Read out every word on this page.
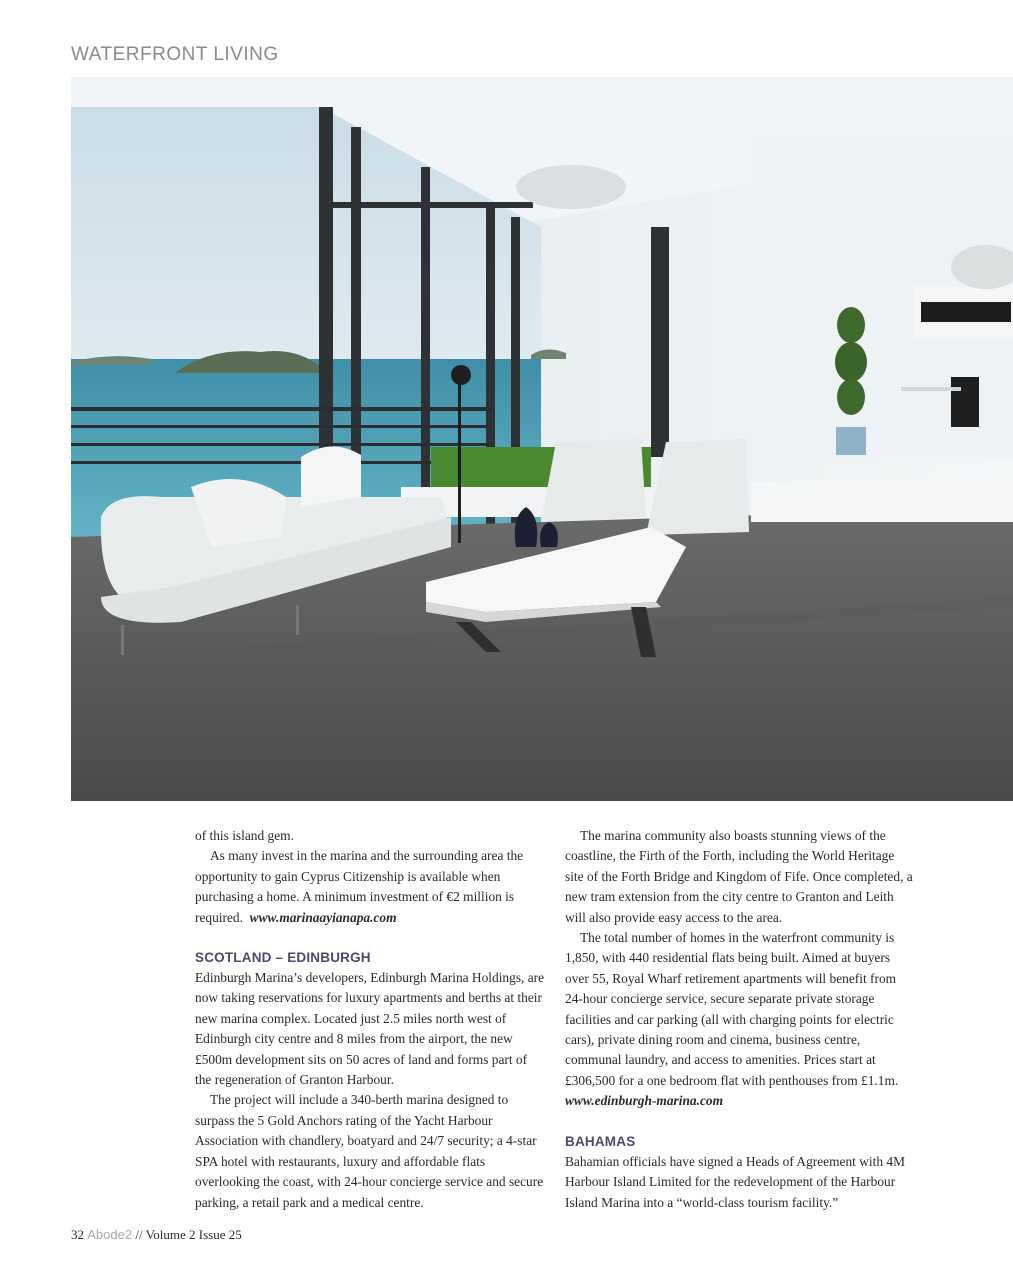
WATERFRONT LIVING

of this island gem.

As many invest in the marina and the surrounding area the opportunity to gain Cyprus Citizenship is available when purchasing a home. A minimum investment of €2 million is required. www.marinaayianapa.com

SCOTLAND – EDINBURGH

Edinburgh Marina’s developers, Edinburgh Marina Holdings, are now taking reservations for luxury apartments and berths at their new marina complex. Located just 2.5 miles north west of Edinburgh city centre and 8 miles from the airport, the new £500m development sits on 50 acres of land and forms part of the regeneration of Granton Harbour.

The project will include a 340-berth marina designed to surpass the 5 Gold Anchors rating of the Yacht Harbour Association with chandlery, boatyard and 24/7 security; a 4-star SPA hotel with restaurants, luxury and affordable flats overlooking the coast, with 24-hour concierge service and secure parking, a retail park and a medical centre.

The marina community also boasts stunning views of the coastline, the Firth of the Forth, including the World Heritage site of the Forth Bridge and Kingdom of Fife. Once completed, a new tram extension from the city centre to Granton and Leith will also provide easy access to the area.

The total number of homes in the waterfront community is 1,850, with 440 residential flats being built. Aimed at buyers over 55, Royal Wharf retirement apartments will benefit from 24-hour concierge service, secure separate private storage facilities and car parking (all with charging points for electric cars), private dining room and cinema, business centre, communal laundry, and access to amenities. Prices start at £306,500 for a one bedroom flat with penthouses from £1.1m. www.edinburgh-marina.com

BAHAMAS

Bahamian officials have signed a Heads of Agreement with 4M Harbour Island Limited for the redevelopment of the Harbour Island Marina into a “world-class tourism facility.”

32 Abode2 // Volume 2 Issue 25
